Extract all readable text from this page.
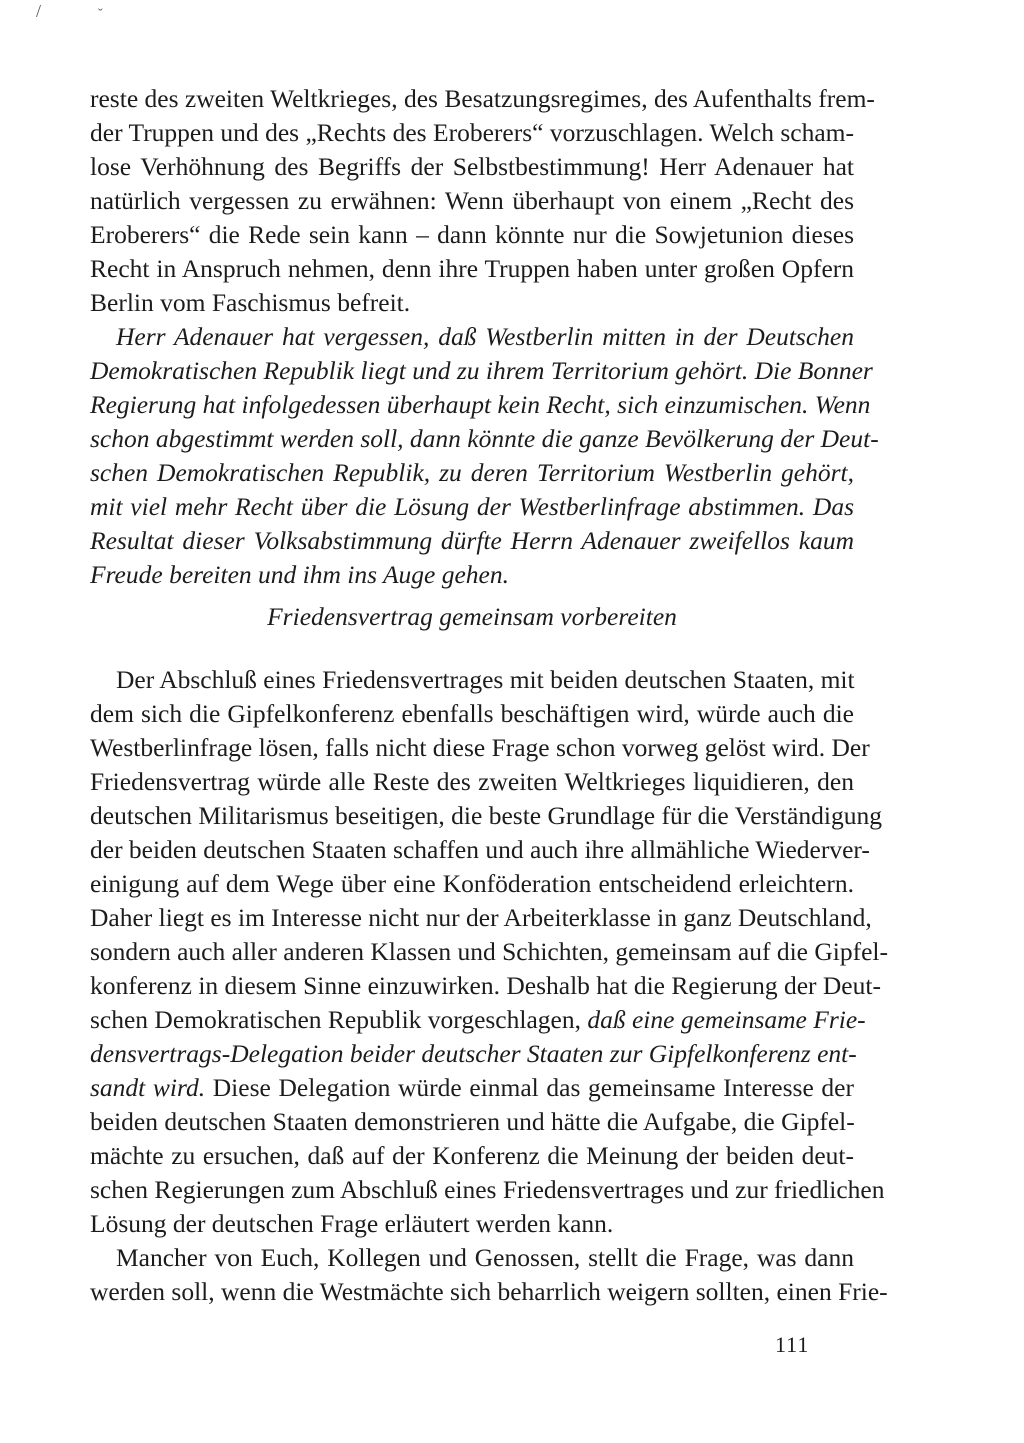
/	ˇ
reste des zweiten Weltkrieges, des Besatzungsregimes, des Aufenthalts frem-
der Truppen und des „Rechts des Eroberers“ vorzuschlagen. Welch scham-
lose Verhöhnung des Begriffs der Selbstbestimmung! Herr Adenauer hat
natürlich vergessen zu erwähnen: Wenn überhaupt von einem „Recht des
Eroberers“ die Rede sein kann – dann könnte nur die Sowjetunion dieses
Recht in Anspruch nehmen, denn ihre Truppen haben unter großen Opfern
Berlin vom Faschismus befreit.
Herr Adenauer hat vergessen, daß Westberlin mitten in der Deutschen
Demokratischen Republik liegt und zu ihrem Territorium gehört. Die Bonner
Regierung hat infolgedessen überhaupt kein Recht, sich einzumischen. Wenn
schon abgestimmt werden soll, dann könnte die ganze Bevölkerung der Deut-
schen Demokratischen Republik, zu deren Territorium Westberlin gehört,
mit viel mehr Recht über die Lösung der Westberlinfrage abstimmen. Das
Resultat dieser Volksabstimmung dürfte Herrn Adenauer zweifellos kaum
Freude bereiten und ihm ins Auge gehen.
Friedensvertrag gemeinsam vorbereiten
Der Abschluß eines Friedensvertrages mit beiden deutschen Staaten, mit
dem sich die Gipfelkonferenz ebenfalls beschäftigen wird, würde auch die
Westberlinfrage lösen, falls nicht diese Frage schon vorweg gelöst wird. Der
Friedensvertrag würde alle Reste des zweiten Weltkrieges liquidieren, den
deutschen Militarismus beseitigen, die beste Grundlage für die Verständigung
der beiden deutschen Staaten schaffen und auch ihre allmähliche Wiederver-
einigung auf dem Wege über eine Konföderation entscheidend erleichtern.
Daher liegt es im Interesse nicht nur der Arbeiterklasse in ganz Deutschland,
sondern auch aller anderen Klassen und Schichten, gemeinsam auf die Gipfel-
konferenz in diesem Sinne einzuwirken. Deshalb hat die Regierung der Deut-
schen Demokratischen Republik vorgeschlagen, daß eine gemeinsame Frie-
densvertrags-Delegation beider deutscher Staaten zur Gipfelkonferenz ent-
sandt wird. Diese Delegation würde einmal das gemeinsame Interesse der
beiden deutschen Staaten demonstrieren und hätte die Aufgabe, die Gipfel-
mächte zu ersuchen, daß auf der Konferenz die Meinung der beiden deut-
schen Regierungen zum Abschluß eines Friedensvertrages und zur friedlichen
Lösung der deutschen Frage erläutert werden kann.
Mancher von Euch, Kollegen und Genossen, stellt die Frage, was dann
werden soll, wenn die Westmächte sich beharrlich weigern sollten, einen Frie-
111
